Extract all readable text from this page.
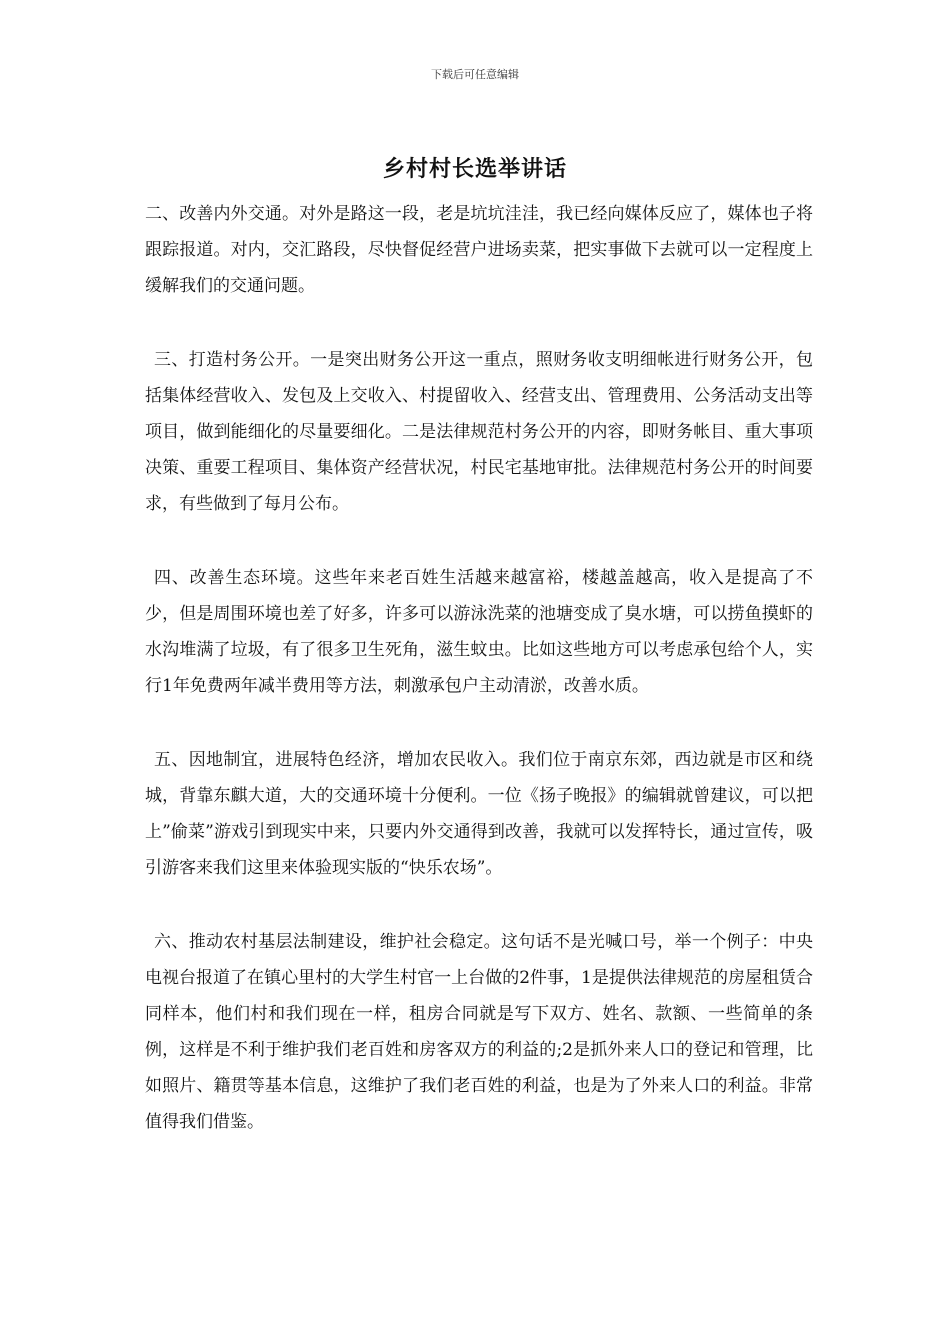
下载后可任意编辑
乡村村长选举讲话

二、改善内外交通。对外是路这一段，老是坑坑洼洼，我已经向媒体反应了，媒体也子将跟踪报道。对内，交汇路段，尽快督促经营户进场卖菜，把实事做下去就可以一定程度上缓解我们的交通问题。

三、打造村务公开。一是突出财务公开这一重点，照财务收支明细帐进行财务公开，包括集体经营收入、发包及上交收入、村提留收入、经营支出、管理费用、公务活动支出等项目，做到能细化的尽量要细化。二是法律规范村务公开的内容，即财务帐目、重大事项决策、重要工程项目、集体资产经营状况，村民宅基地审批。法律规范村务公开的时间要求，有些做到了每月公布。

四、改善生态环境。这些年来老百姓生活越来越富裕，楼越盖越高，收入是提高了不少，但是周围环境也差了好多，许多可以游泳洗菜的池塘变成了臭水塘，可以捞鱼摸虾的水沟堆满了垃圾，有了很多卫生死角，滋生蚊虫。比如这些地方可以考虑承包给个人，实行1年免费两年减半费用等方法，刺激承包户主动清淤，改善水质。

五、因地制宜，进展特色经济，增加农民收入。我们位于南京东郊，西边就是市区和绕城，背靠东麒大道，大的交通环境十分便利。一位《扬子晚报》的编辑就曾建议，可以把上”偷菜”游戏引到现实中来，只要内外交通得到改善，我就可以发挥特长，通过宣传，吸引游客来我们这里来体验现实版的“快乐农场”。

六、推动农村基层法制建设，维护社会稳定。这句话不是光喊口号，举一个例子：中央电视台报道了在镇心里村的大学生村官一上台做的2件事，1是提供法律规范的房屋租赁合同样本，他们村和我们现在一样，租房合同就是写下双方、姓名、款额、一些简单的条例，这样是不利于维护我们老百姓和房客双方的利益的;2是抓外来人口的登记和管理，比如照片、籍贯等基本信息，这维护了我们老百姓的利益，也是为了外来人口的利益。非常值得我们借鉴。
